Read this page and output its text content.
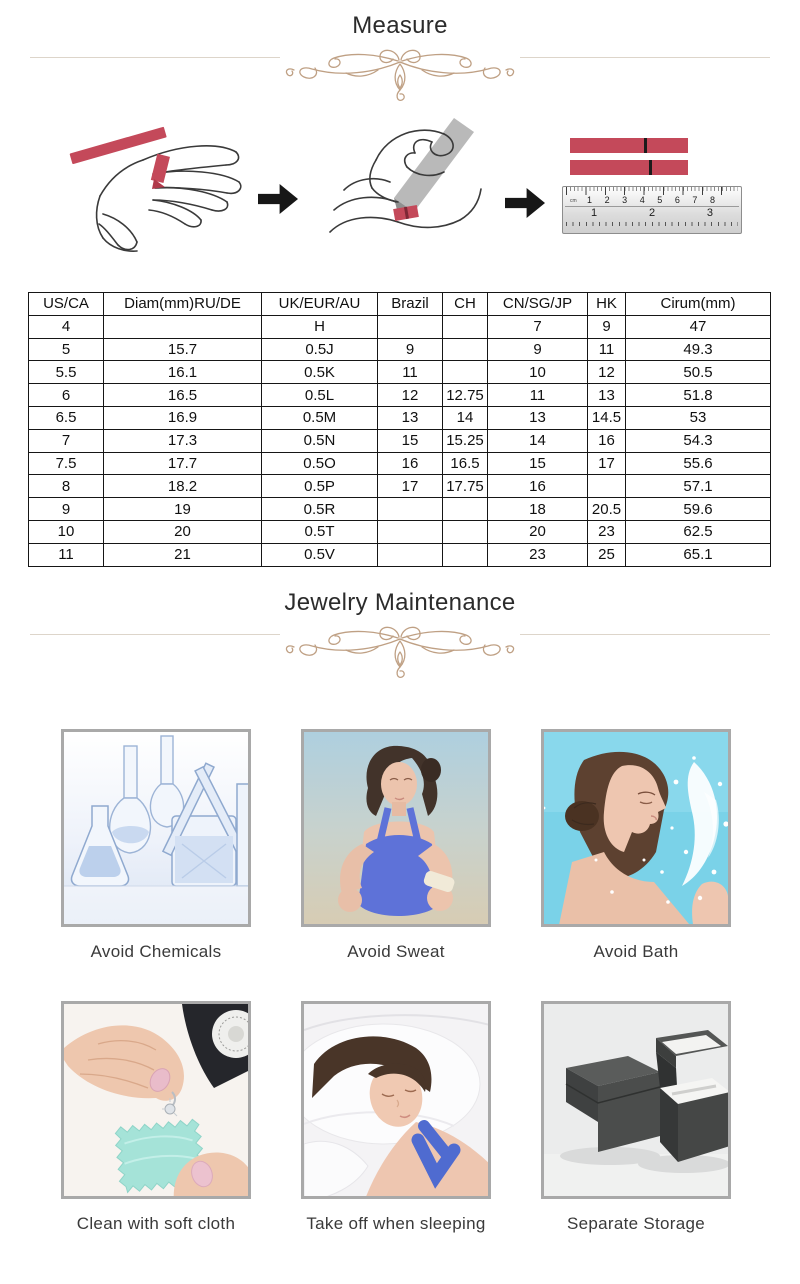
Measure
cm 1 2 3 4 5 6 7 8
1	2	3
US/CA	Diam(mm)RU/DE	UK/EUR/AU	Brazil	CH	CN/SG/JP	HK	Cirum(mm)
4		H			7	9	47
5	15.7	0.5J	9		9	11	49.3
5.5	16.1	0.5K	11		10	12	50.5
6	16.5	0.5L	12	12.75	11	13	51.8
6.5	16.9	0.5M	13	14	13	14.5	53
7	17.3	0.5N	15	15.25	14	16	54.3
7.5	17.7	0.5O	16	16.5	15	17	55.6
8	18.2	0.5P	17	17.75	16		57.1
9	19	0.5R			18	20.5	59.6
10	20	0.5T			20	23	62.5
11	21	0.5V			23	25	65.1
Jewelry Maintenance
Avoid Chemicals	Avoid Sweat	Avoid Bath
Clean with soft cloth	Take off when sleeping	Separate Storage
